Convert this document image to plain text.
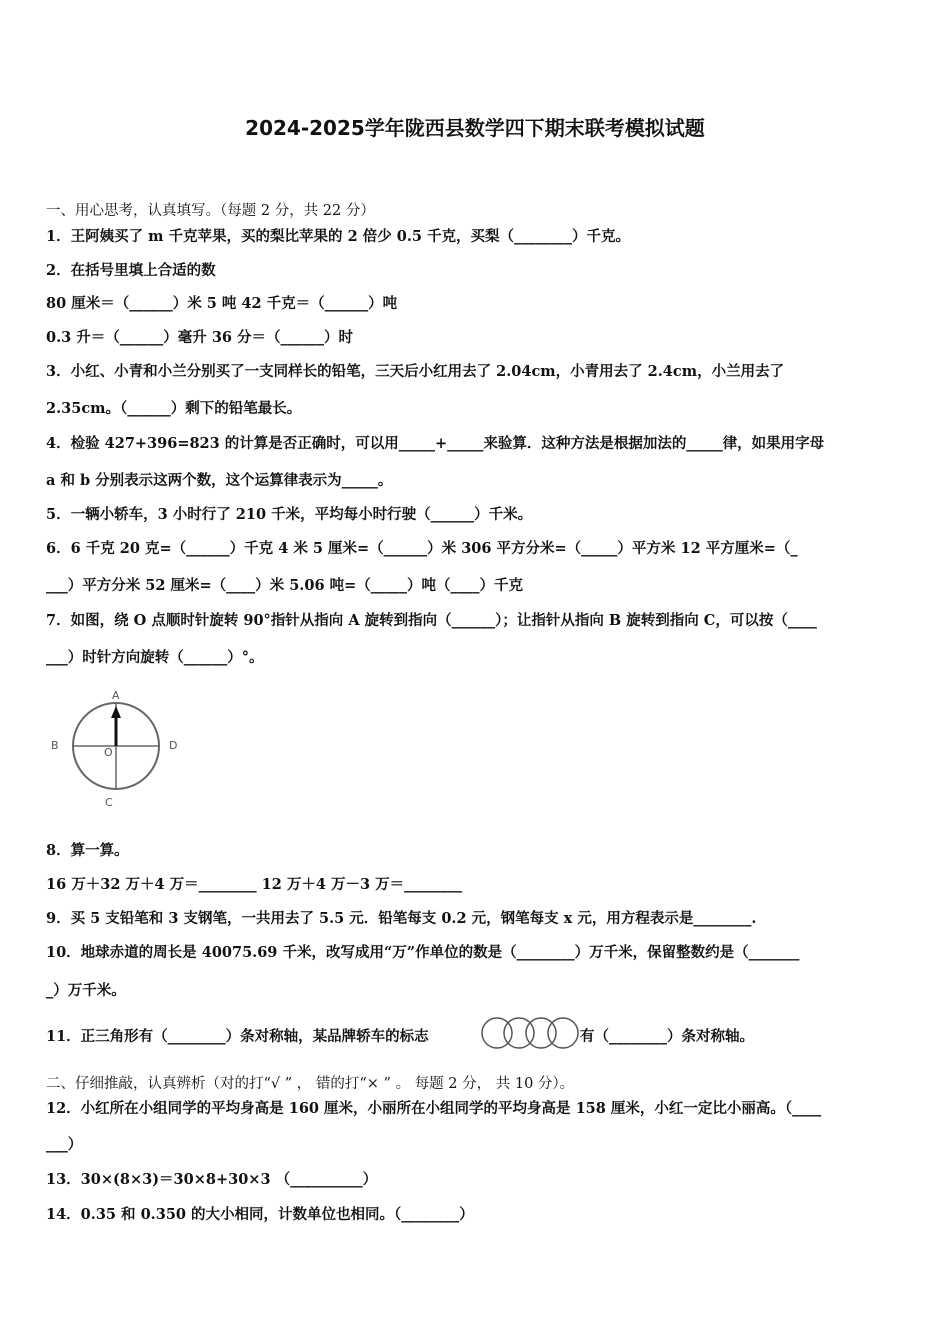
2024-2025学年陇西县数学四下期末联考模拟试题
一、用心思考，认真填写。（每题 2 分，共 22 分）
1．王阿姨买了 m 千克苹果，买的梨比苹果的 2 倍少 0.5 千克，买梨（________）千克。
2．在括号里填上合适的数
80 厘米＝（______）米 5 吨 42 千克＝（______）吨
0.3 升＝（______）毫升 36 分＝（______）时
3．小红、小青和小兰分别买了一支同样长的铅笔，三天后小红用去了 2.04cm，小青用去了 2.4cm，小兰用去了
2.35cm。（______）剩下的铅笔最长。
4．检验 427+396=823 的计算是否正确时，可以用_____+_____来验算．这种方法是根据加法的_____律，如果用字母
a 和 b 分别表示这两个数，这个运算律表示为_____。
5．一辆小轿车，3 小时行了 210 千米，平均每小时行驶（______）千米。
6．6 千克 20 克=（______）千克 4 米 5 厘米=（______）米 306 平方分米=（_____）平方米 12 平方厘米=（_
___）平方分米 52 厘米=（____）米 5.06 吨=（_____）吨（____）千克
7．如图，绕 O 点顺时针旋转 90°指针从指向 A 旋转到指向（______）；让指针从指向 B 旋转到指向 C，可以按（____
___）时针方向旋转（______）°。
A
B	D
O
C
8．算一算。
16 万＋32 万＋4 万＝________ 12 万＋4 万－3 万＝________
9．买 5 支铅笔和 3 支钢笔，一共用去了 5.5 元．铅笔每支 0.2 元，钢笔每支 x 元，用方程表示是________.
10．地球赤道的周长是 40075.69 千米，改写成用“万”作单位的数是（________）万千米，保留整数约是（_______
_）万千米。
11．正三角形有（________）条对称轴，某品牌轿车的标志	有（________）条对称轴。
二、仔细推敲，认真辨析（对的打“√ ” ， 错的打“× ” 。 每题 2 分， 共 10 分）。
12．小红所在小组同学的平均身高是 160 厘米，小丽所在小组同学的平均身高是 158 厘米，小红一定比小丽高。（____
___）
13．30×(8×3)＝30×8+30×3 （__________）
14．0.35 和 0.350 的大小相同，计数单位也相同。（________）
